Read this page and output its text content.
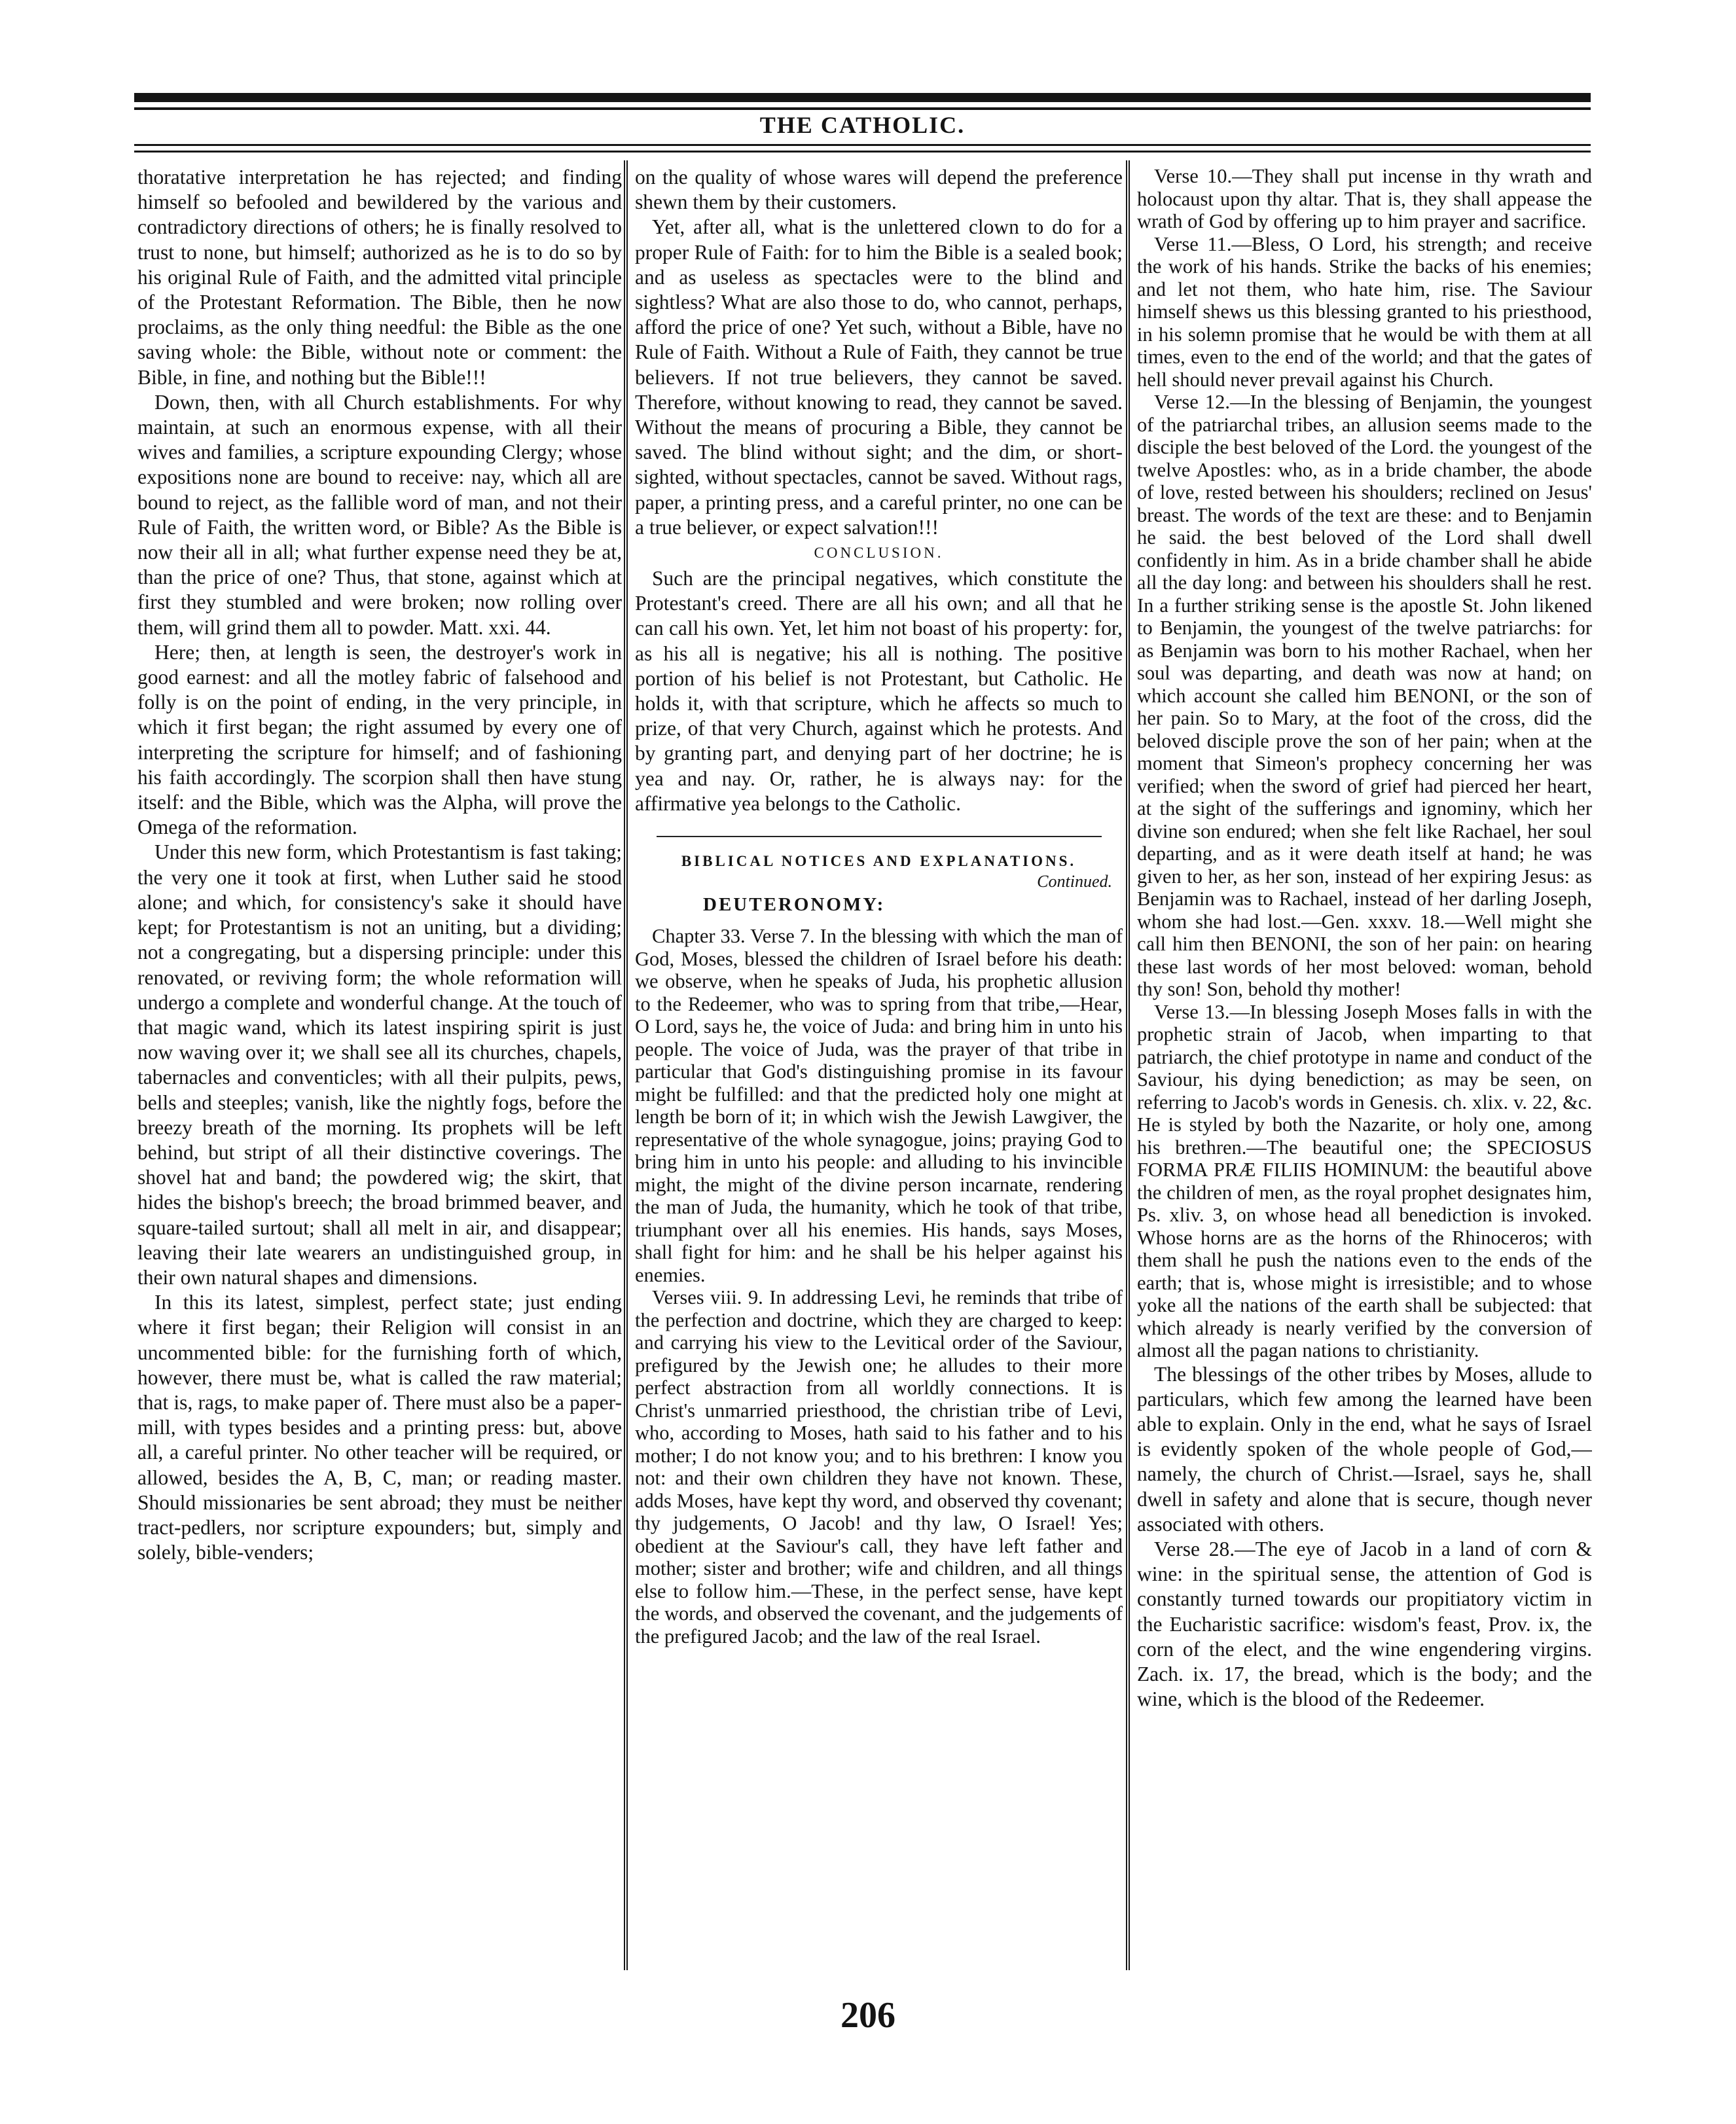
THE CATHOLIC.

thoratative interpretation he has rejected; and finding himself so befooled and bewildered by the various and contradictory directions of others; he is finally resolved to trust to none, but himself; authorized as he is to do so by his original Rule of Faith, and the admitted vital principle of the Protestant Reformation. The Bible, then he now proclaims, as the only thing needful: the Bible as the one saving whole: the Bible, without note or comment: the Bible, in fine, and nothing but the Bible!!!

Down, then, with all Church establishments. For why maintain, at such an enormous expense, with all their wives and families, a scripture expounding Clergy; whose expositions none are bound to receive: nay, which all are bound to reject, as the fallible word of man, and not their Rule of Faith, the written word, or Bible? As the Bible is now their all in all; what further expense need they be at, than the price of one? Thus, that stone, against which at first they stumbled and were broken; now rolling over them, will grind them all to powder. Matt. xxi. 44.

Here; then, at length is seen, the destroyer's work in good earnest: and all the motley fabric of falsehood and folly is on the point of ending, in the very principle, in which it first began; the right assumed by every one of interpreting the scripture for himself; and of fashioning his faith accordingly. The scorpion shall then have stung itself: and the Bible, which was the Alpha, will prove the Omega of the reformation.

Under this new form, which Protestantism is fast taking; the very one it took at first, when Luther said he stood alone; and which, for consistency's sake it should have kept; for Protestantism is not an uniting, but a dividing; not a congregating, but a dispersing principle: under this renovated, or reviving form; the whole reformation will undergo a complete and wonderful change. At the touch of that magic wand, which its latest inspiring spirit is just now waving over it; we shall see all its churches, chapels, tabernacles and conventicles; with all their pulpits, pews, bells and steeples; vanish, like the nightly fogs, before the breezy breath of the morning. Its prophets will be left behind, but stript of all their distinctive coverings. The shovel hat and band; the powdered wig; the skirt, that hides the bishop's breech; the broad brimmed beaver, and square-tailed surtout; shall all melt in air, and disappear; leaving their late wearers an undistinguished group, in their own natural shapes and dimensions.

In this its latest, simplest, perfect state; just ending where it first began; their Religion will consist in an uncommented bible: for the furnishing forth of which, however, there must be, what is called the raw material; that is, rags, to make paper of. There must also be a paper-mill, with types besides and a printing press: but, above all, a careful printer. No other teacher will be required, or allowed, besides the A, B, C, man; or reading master. Should missionaries be sent abroad; they must be neither tract-pedlers, nor scripture expounders; but, simply and solely, bible-venders;

on the quality of whose wares will depend the preference shewn them by their customers.

Yet, after all, what is the unlettered clown to do for a proper Rule of Faith: for to him the Bible is a sealed book; and as useless as spectacles were to the blind and sightless? What are also those to do, who cannot, perhaps, afford the price of one? Yet such, without a Bible, have no Rule of Faith. Without a Rule of Faith, they cannot be true believers. If not true believers, they cannot be saved. Therefore, without knowing to read, they cannot be saved. Without the means of procuring a Bible, they cannot be saved. The blind without sight; and the dim, or short-sighted, without spectacles, cannot be saved. Without rags, paper, a printing press, and a careful printer, no one can be a true believer, or expect salvation!!!

CONCLUSION.

Such are the principal negatives, which constitute the Protestant's creed. There are all his own; and all that he can call his own. Yet, let him not boast of his property: for, as his all is negative; his all is nothing. The positive portion of his belief is not Protestant, but Catholic. He holds it, with that scripture, which he affects so much to prize, of that very Church, against which he protests. And by granting part, and denying part of her doctrine; he is yea and nay. Or, rather, he is always nay: for the affirmative yea belongs to the Catholic.

BIBLICAL NOTICES AND EXPLANATIONS.
Continued.
DEUTERONOMY:

Chapter 33. Verse 7. In the blessing with which the man of God, Moses, blessed the children of Israel before his death: we observe, when he speaks of Juda, his prophetic allusion to the Redeemer, who was to spring from that tribe,—Hear, O Lord, says he, the voice of Juda: and bring him in unto his people. The voice of Juda, was the prayer of that tribe in particular that God's distinguishing promise in its favour might be fulfilled: and that the predicted holy one might at length be born of it; in which wish the Jewish Lawgiver, the representative of the whole synagogue, joins; praying God to bring him in unto his people: and alluding to his invincible might, the might of the divine person incarnate, rendering the man of Juda, the humanity, which he took of that tribe, triumphant over all his enemies. His hands, says Moses, shall fight for him: and he shall be his helper against his enemies.

Verses viii. 9. In addressing Levi, he reminds that tribe of the perfection and doctrine, which they are charged to keep: and carrying his view to the Levitical order of the Saviour, prefigured by the Jewish one; he alludes to their more perfect abstraction from all worldly connections. It is Christ's unmarried priesthood, the christian tribe of Levi, who, according to Moses, hath said to his father and to his mother; I do not know you; and to his brethren: I know you not: and their own children they have not known. These, adds Moses, have kept thy word, and observed thy covenant; thy judgements, O Jacob! and thy law, O Israel! Yes; obedient at the Saviour's call, they have left father and mother; sister and brother; wife and children, and all things else to follow him.—These, in the perfect sense, have kept the words, and observed the covenant, and the judgements of the prefigured Jacob; and the law of the real Israel.

Verse 10.—They shall put incense in thy wrath and holocaust upon thy altar. That is, they shall appease the wrath of God by offering up to him prayer and sacrifice.

Verse 11.—Bless, O Lord, his strength; and receive the work of his hands. Strike the backs of his enemies; and let not them, who hate him, rise. The Saviour himself shews us this blessing granted to his priesthood, in his solemn promise that he would be with them at all times, even to the end of the world; and that the gates of hell should never prevail against his Church.

Verse 12.—In the blessing of Benjamin, the youngest of the patriarchal tribes, an allusion seems made to the disciple the best beloved of the Lord. the youngest of the twelve Apostles: who, as in a bride chamber, the abode of love, rested between his shoulders; reclined on Jesus' breast. The words of the text are these: and to Benjamin he said. the best beloved of the Lord shall dwell confidently in him. As in a bride chamber shall he abide all the day long: and between his shoulders shall he rest. In a further striking sense is the apostle St. John likened to Benjamin, the youngest of the twelve patriarchs: for as Benjamin was born to his mother Rachael, when her soul was departing, and death was now at hand; on which account she called him BENONI, or the son of her pain. So to Mary, at the foot of the cross, did the beloved disciple prove the son of her pain; when at the moment that Simeon's prophecy concerning her was verified; when the sword of grief had pierced her heart, at the sight of the sufferings and ignominy, which her divine son endured; when she felt like Rachael, her soul departing, and as it were death itself at hand; he was given to her, as her son, instead of her expiring Jesus: as Benjamin was to Rachael, instead of her darling Joseph, whom she had lost.—Gen. xxxv. 18.—Well might she call him then BENONI, the son of her pain: on hearing these last words of her most beloved: woman, behold thy son! Son, behold thy mother!

Verse 13.—In blessing Joseph Moses falls in with the prophetic strain of Jacob, when imparting to that patriarch, the chief prototype in name and conduct of the Saviour, his dying benediction; as may be seen, on referring to Jacob's words in Genesis. ch. xlix. v. 22, &c. He is styled by both the Nazarite, or holy one, among his brethren.—The beautiful one; the SPECIOSUS FORMA PRÆ FILIIS HOMINUM: the beautiful above the children of men, as the royal prophet designates him, Ps. xliv. 3, on whose head all benediction is invoked. Whose horns are as the horns of the Rhinoceros; with them shall he push the nations even to the ends of the earth; that is, whose might is irresistible; and to whose yoke all the nations of the earth shall be subjected: that which already is nearly verified by the conversion of almost all the pagan nations to christianity.

The blessings of the other tribes by Moses, allude to particulars, which few among the learned have been able to explain. Only in the end, what he says of Israel is evidently spoken of the whole people of God,—namely, the church of Christ.—Israel, says he, shall dwell in safety and alone that is secure, though never associated with others.

Verse 28.—The eye of Jacob in a land of corn & wine: in the spiritual sense, the attention of God is constantly turned towards our propitiatory victim in the Eucharistic sacrifice: wisdom's feast, Prov. ix, the corn of the elect, and the wine engendering virgins. Zach. ix. 17, the bread, which is the body; and the wine, which is the blood of the Redeemer.

206
